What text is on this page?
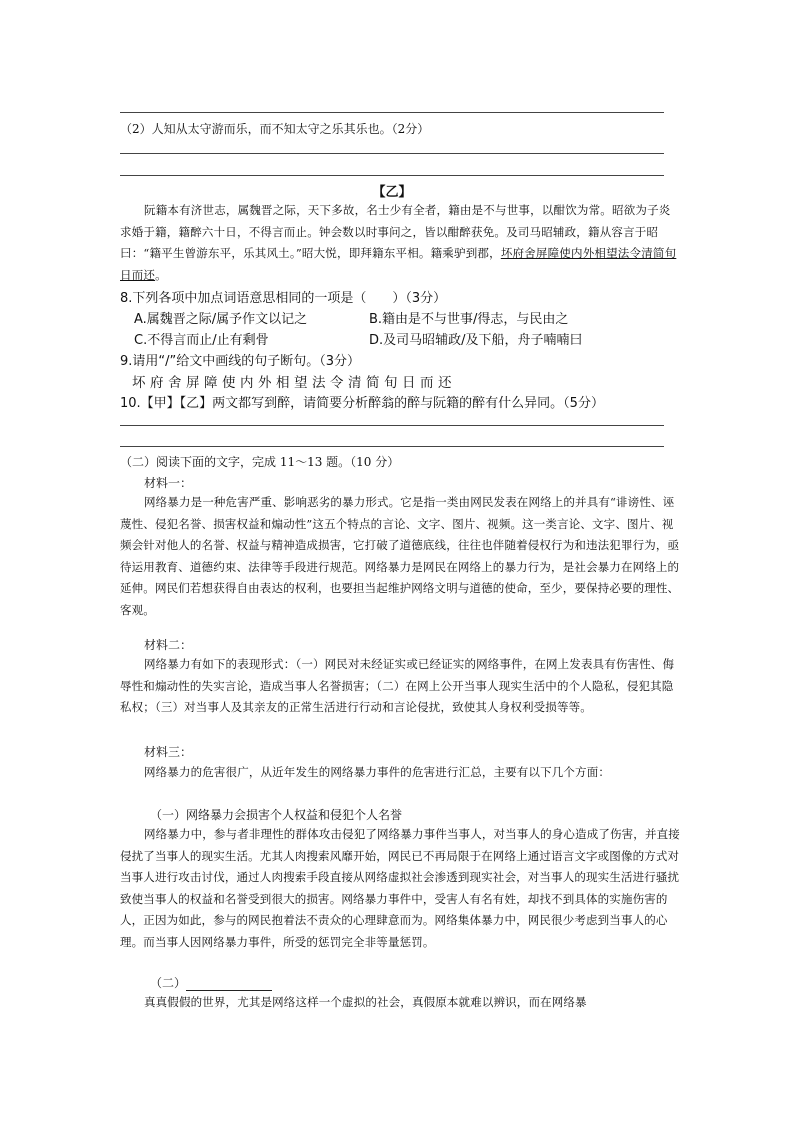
（2）人知从太守游而乐，而不知太守之乐其乐也。（2分）
【乙】
阮籍本有济世志，属魏晋之际，天下多故，名士少有全者，籍由是不与世事，以酣饮为常。昭欲为子炎求婚于籍，籍醉六十日，不得言而止。钟会数以时事问之，皆以酣醉获免。及司马昭辅政，籍从容言于昭曰：“籍平生曾游东平，乐其风土。”昭大悦，即拜籍东平相。籍乘驴到郡，坏府舍屏障使内外相望法令清简旬日而还。
8.下列各项中加点词语意思相同的一项是（　　）（3分）
A.属魏晋之际/属予作文以记之	B.籍由是不与世事/得志，与民由之
C.不得言而止/止有剩骨	D.及司马昭辅政/及下船，舟子喃喃曰
9.请用“/”给文中画线的句子断句。（3分）
坏府舍屏障使内外相望法令清简旬日而还
10.【甲】【乙】两文都写到醉，请简要分析醉翁的醉与阮籍的醉有什么异同。（5分）
（二）阅读下面的文字，完成 11～13 题。（10 分）
材料一：
网络暴力是一种危害严重、影响恶劣的暴力形式。它是指一类由网民发表在网络上的并具有“诽谤性、诬蔑性、侵犯名誉、损害权益和煽动性”这五个特点的言论、文字、图片、视频。这一类言论、文字、图片、视频会针对他人的名誉、权益与精神造成损害，它打破了道德底线，往往也伴随着侵权行为和违法犯罪行为，亟待运用教育、道德约束、法律等手段进行规范。网络暴力是网民在网络上的暴力行为，是社会暴力在网络上的延伸。网民们若想获得自由表达的权利，也要担当起维护网络文明与道德的使命，至少，要保持必要的理性、客观。
材料二：
网络暴力有如下的表现形式：（一）网民对未经证实或已经证实的网络事件，在网上发表具有伤害性、侮辱性和煽动性的失实言论，造成当事人名誉损害；（二）在网上公开当事人现实生活中的个人隐私，侵犯其隐私权；（三）对当事人及其亲友的正常生活进行行动和言论侵扰，致使其人身权利受损等等。
材料三：
网络暴力的危害很广，从近年发生的网络暴力事件的危害进行汇总，主要有以下几个方面：
（一）网络暴力会损害个人权益和侵犯个人名誉
网络暴力中，参与者非理性的群体攻击侵犯了网络暴力事件当事人，对当事人的身心造成了伤害，并直接侵扰了当事人的现实生活。尤其人肉搜索风靡开始，网民已不再局限于在网络上通过语言文字或图像的方式对当事人进行攻击讨伐，通过人肉搜索手段直接从网络虚拟社会渗透到现实社会，对当事人的现实生活进行骚扰致使当事人的权益和名誉受到很大的损害。网络暴力事件中，受害人有名有姓，却找不到具体的实施伤害的人，正因为如此，参与的网民抱着法不责众的心理肆意而为。网络集体暴力中，网民很少考虑到当事人的心理。而当事人因网络暴力事件，所受的惩罚完全非等量惩罚。
（二）
真真假假的世界，尤其是网络这样一个虚拟的社会，真假原本就难以辨识，而在网络暴
